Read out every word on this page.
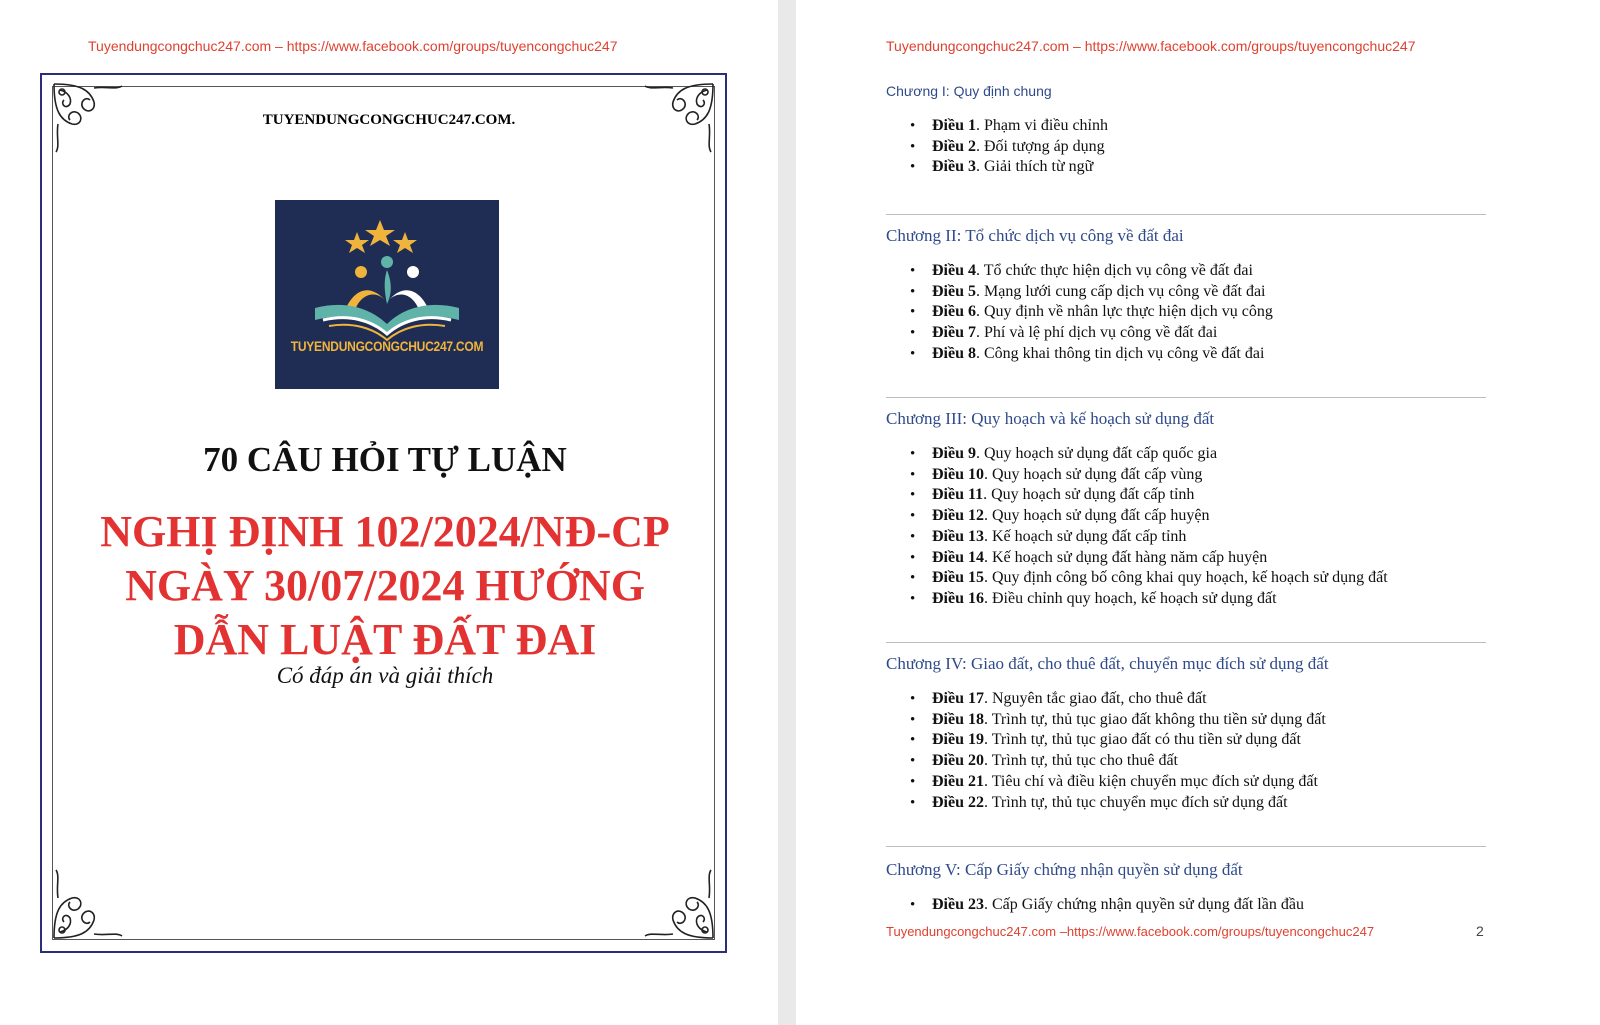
Tuyendungcongchuc247.com – https://www.facebook.com/groups/tuyencongchuc247
TUYENDUNGCONGCHUC247.COM.
TUYENDUNGCONGCHUC247.COM
70 CÂU HỎI TỰ LUẬN
NGHỊ ĐỊNH 102/2024/NĐ-CP
NGÀY 30/07/2024 HƯỚNG
DẪN LUẬT ĐẤT ĐAI
Có đáp án và giải thích
Tuyendungcongchuc247.com – https://www.facebook.com/groups/tuyencongchuc247

Chương I: Quy định chung

• Điều 1. Phạm vi điều chỉnh
• Điều 2. Đối tượng áp dụng
• Điều 3. Giải thích từ ngữ

Chương II: Tổ chức dịch vụ công về đất đai

• Điều 4. Tổ chức thực hiện dịch vụ công về đất đai
• Điều 5. Mạng lưới cung cấp dịch vụ công về đất đai
• Điều 6. Quy định về nhân lực thực hiện dịch vụ công
• Điều 7. Phí và lệ phí dịch vụ công về đất đai
• Điều 8. Công khai thông tin dịch vụ công về đất đai

Chương III: Quy hoạch và kế hoạch sử dụng đất

• Điều 9. Quy hoạch sử dụng đất cấp quốc gia
• Điều 10. Quy hoạch sử dụng đất cấp vùng
• Điều 11. Quy hoạch sử dụng đất cấp tỉnh
• Điều 12. Quy hoạch sử dụng đất cấp huyện
• Điều 13. Kế hoạch sử dụng đất cấp tỉnh
• Điều 14. Kế hoạch sử dụng đất hàng năm cấp huyện
• Điều 15. Quy định công bố công khai quy hoạch, kế hoạch sử dụng đất
• Điều 16. Điều chỉnh quy hoạch, kế hoạch sử dụng đất

Chương IV: Giao đất, cho thuê đất, chuyển mục đích sử dụng đất

• Điều 17. Nguyên tắc giao đất, cho thuê đất
• Điều 18. Trình tự, thủ tục giao đất không thu tiền sử dụng đất
• Điều 19. Trình tự, thủ tục giao đất có thu tiền sử dụng đất
• Điều 20. Trình tự, thủ tục cho thuê đất
• Điều 21. Tiêu chí và điều kiện chuyển mục đích sử dụng đất
• Điều 22. Trình tự, thủ tục chuyển mục đích sử dụng đất

Chương V: Cấp Giấy chứng nhận quyền sử dụng đất

• Điều 23. Cấp Giấy chứng nhận quyền sử dụng đất lần đầu
Tuyendungcongchuc247.com –https://www.facebook.com/groups/tuyencongchuc247	2
